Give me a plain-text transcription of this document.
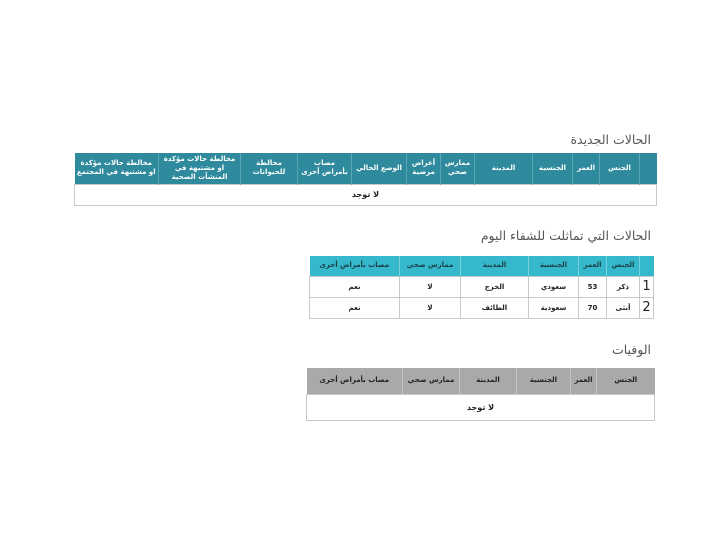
الحالات الجديدة
	الجنس	العمر	الجنسية	المدينة	ممارس صحي	أعراض مرضية	الوضع الحالي	مصاب بأمراض أخرى	مخالطة للحيوانات	مخالطة حالات مؤكدة او مشتبهة في المنشآت الصحية	مخالطة حالات مؤكدة او مشتبهة في المجتمع
لا توجد
الحالات التي تماثلت للشفاء اليوم
	الجنس	العمر	الجنسية	المدينة	ممارس صحي	مصاب بأمراض أخرى
1	ذكر	53	سعودي	الخرج	لا	نعم
2	أنثى	70	سعودية	الطائف	لا	نعم
الوفيات
الجنس	العمر	الجنسية	المدينة	ممارس صحي	مصاب بأمراض أخرى
لا توجد
